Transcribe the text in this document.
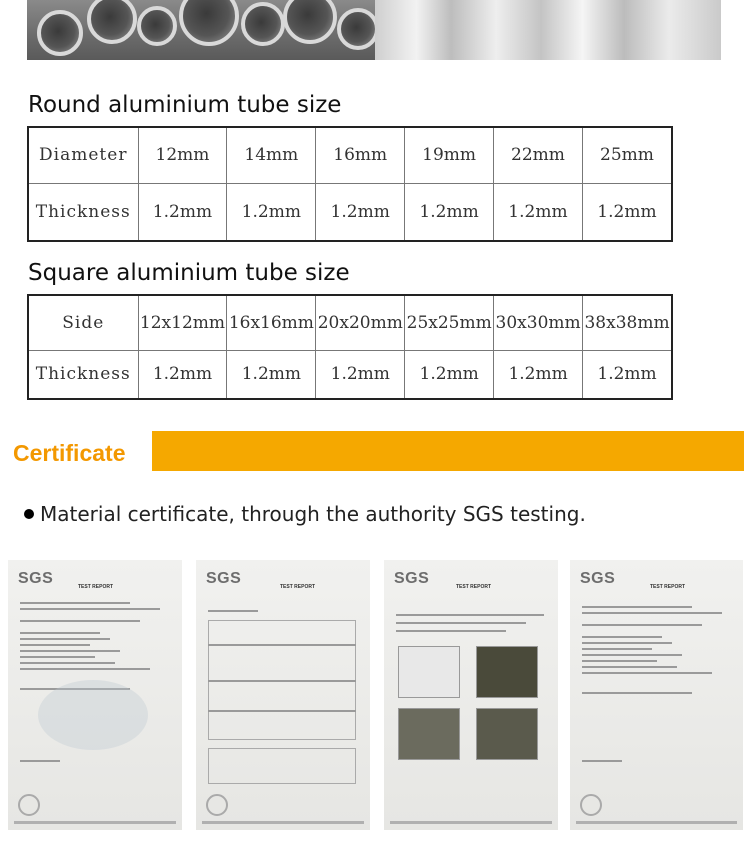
Round aluminium tube size
Diameter	12mm	14mm	16mm	19mm	22mm	25mm
Thickness	1.2mm	1.2mm	1.2mm	1.2mm	1.2mm	1.2mm
Square aluminium tube size
Side	12x12mm	16x16mm	20x20mm	25x25mm	30x30mm	38x38mm
Thickness	1.2mm	1.2mm	1.2mm	1.2mm	1.2mm	1.2mm
Certificate
Material certificate, through the authority SGS testing.
SGS	TEST REPORT	SGS	TEST REPORT	SGS	TEST REPORT	SGS	TEST REPORT
